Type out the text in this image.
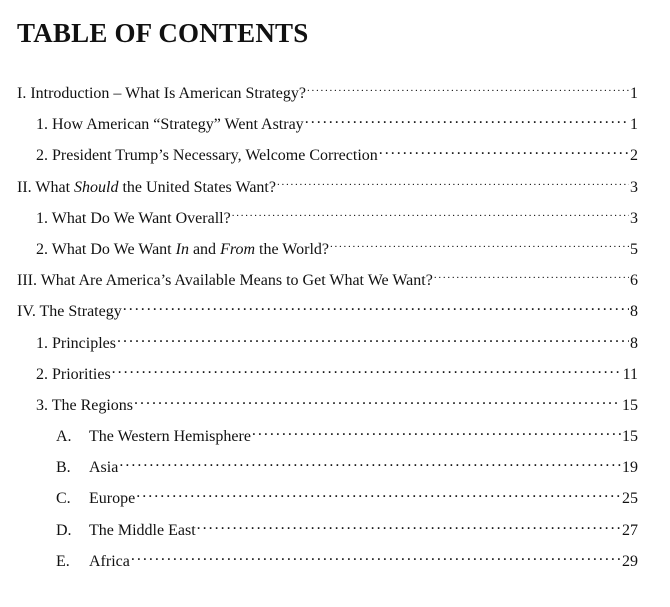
TABLE OF CONTENTS
I. Introduction – What Is American Strategy? . . .	1
1. How American “Strategy” Went Astray . . .	1
2. President Trump’s Necessary, Welcome Correction . . .	2
II. What Should the United States Want? . . .	3
1. What Do We Want Overall? . . .	3
2. What Do We Want In and From the World? . . .	5
III. What Are America’s Available Means to Get What We Want? . . .	6
IV. The Strategy . . .	8
1. Principles . . .	8
2. Priorities . . .	11
3. The Regions . . .	15
A. The Western Hemisphere . . .	15
B. Asia . . .	19
C. Europe . . .	25
D. The Middle East . . .	27
E. Africa . . .	29
